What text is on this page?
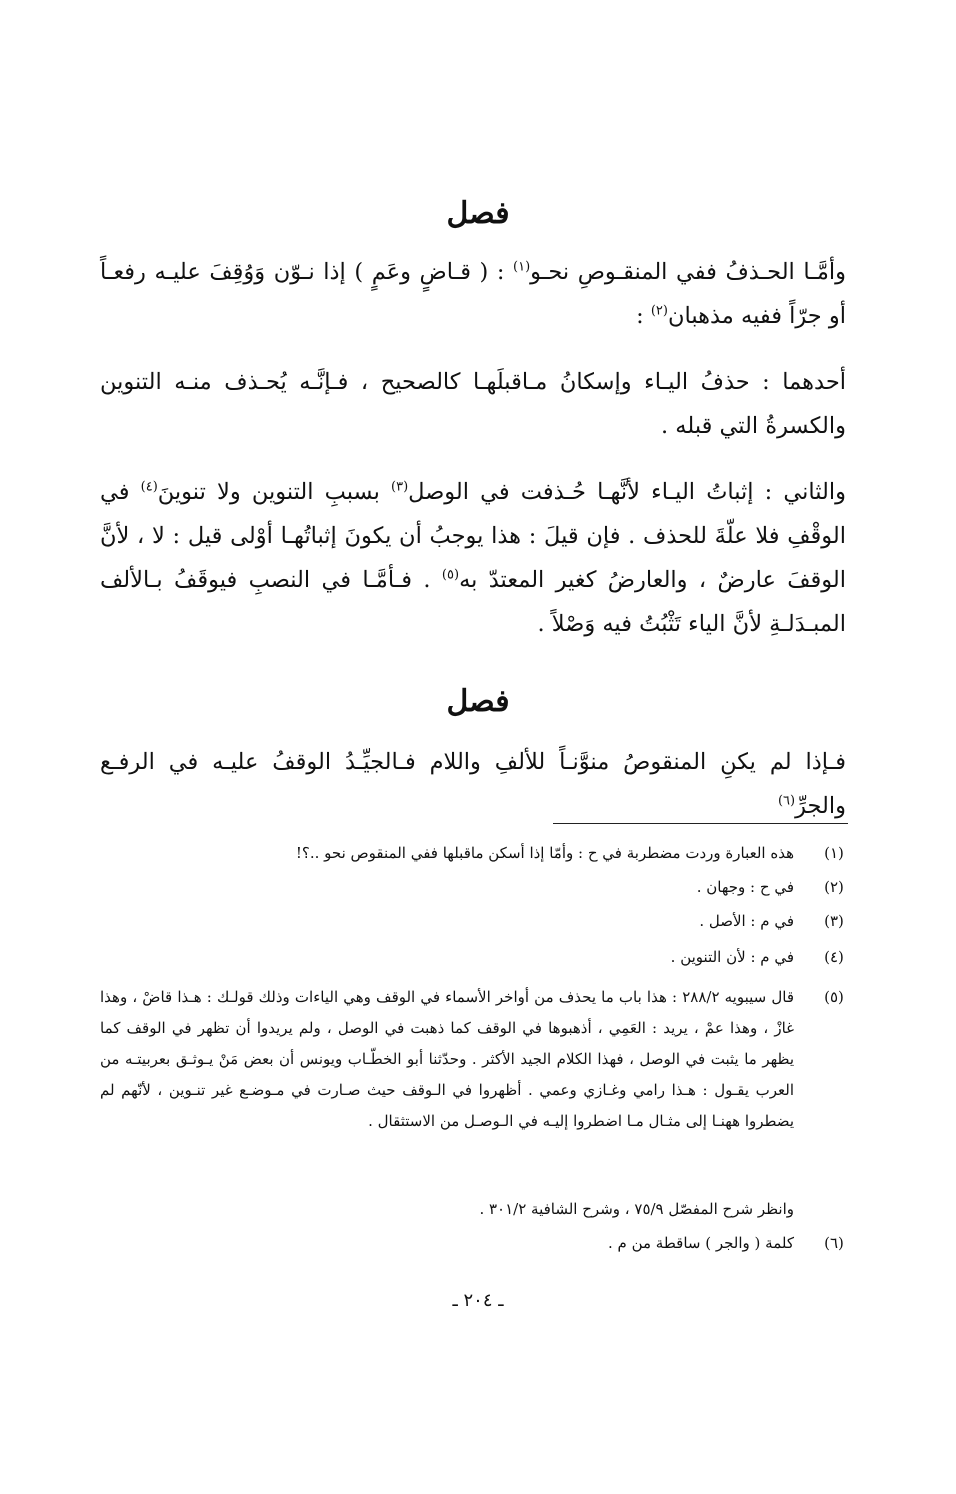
فصل
وأمَّـا الحـذفُ ففي المنقـوصِ نحـو$^{(١)}$ : ( قـاضٍ وعَمٍ ) إذا نـوّن وَوُقِفَ عليـه رفعـاً أو جرّاً ففيه مذهبان$^{(٢)}$ :
أحدهما : حذفُ اليـاء وإسكانُ مـاقبلَهـا كالصحيح ، فـإنَّـه يُحـذف منـه التنوين والكسرةُ التي قبله .
والثاني : إثباتُ اليـاء لأنَّهـا حُـذفت في الوصل$^{(٣)}$ بسببِ التنوين ولا تنوينَ$^{(٤)}$ في الوقْفِ فلا علّةَ للحذف . فإن قيلَ : هذا يوجبُ أن يكونَ إثباتُهـا أوْلى قيل : لا ، لأنَّ الوقفَ عارضٌ ، والعارضُ كغير المعتدّ به$^{(٥)}$ . فـأمَّـا في النصبِ فيوقَفُ بـالألف المبـدَلـةِ لأنَّ الياء تَثْبُتُ فيه وَصْلاً .
فصل
فـإذا لم يكنِ المنقوصُ منوَّنـاً للألفِ واللام فـالجيِّـدُ الوقفُ عليـه في الرفـع والجرِّ$^{(٦)}$
(١)
هذه العبارة وردت مضطربة في ح : وأمّا إذا أسكن ماقبلها ففي المنقوص نحو ..؟!
(٢)
في ح : وجهان .
(٣)
في م : الأصل .
(٤)
في م : لأن التنوين .
(٥)
قال سيبويه ٢٨٨/٢ : هذا باب ما يحذف من أواخر الأسماء في الوقف وهي الياءات وذلك قولـك : هـذا قاضْ ، وهذا غازْ ، وهذا عمْ ، يريد : العَمِي ، أذهبوها في الوقف كما ذهبت في الوصل ، ولم يريدوا أن تظهر في الوقف كما يظهر ما يثبت في الوصل ، فهذا الكلام الجيد الأكثر . وحدّثنا أبو الخطّـاب ويونس أن بعض مَنْ يـوثـق بعربيتـه من العرب يقـول : هـذا رامي وغـازي وعمي . أظهروا في الـوقف حيث صـارت في مـوضـع غير تنـوين ، لأنّهم لم يضطروا ههنـا إلى مثـال مـا اضطروا إليـه في الـوصـل من الاستثقال .
وانظر شرح المفصّل ٧٥/٩ ، وشرح الشافية ٣٠١/٢ .
(٦)
كلمة ( والجر ) ساقطة من م .
ـ ٢٠٤ ـ
